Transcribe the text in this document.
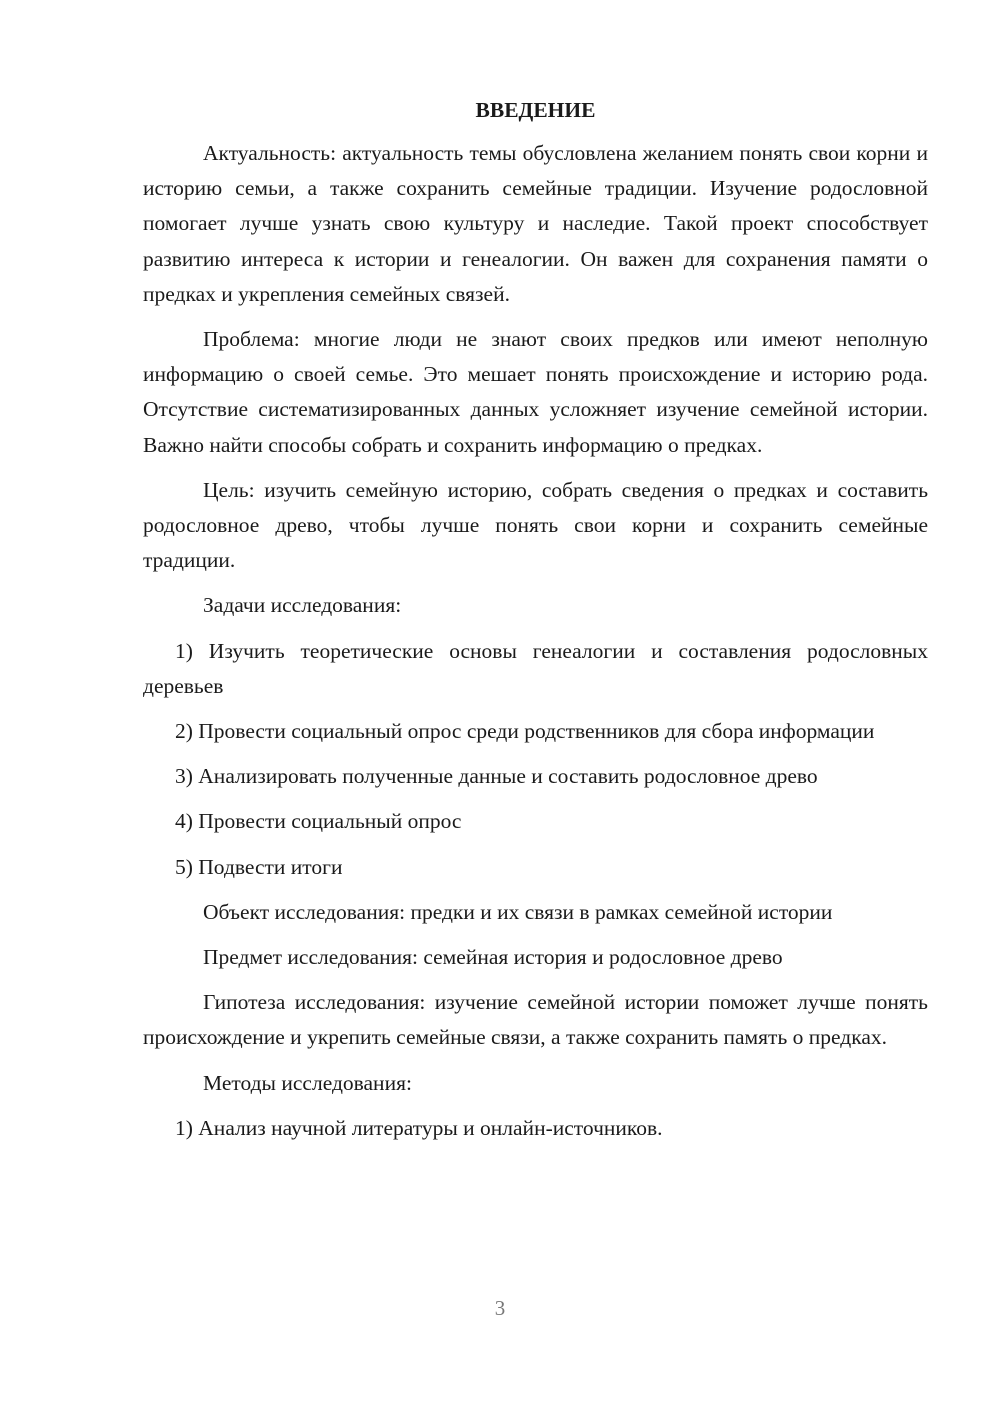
ВВЕДЕНИЕ

Актуальность: актуальность темы обусловлена желанием понять свои корни и историю семьи, а также сохранить семейные традиции. Изучение родословной помогает лучше узнать свою культуру и наследие. Такой проект способствует развитию интереса к истории и генеалогии. Он важен для сохранения памяти о предках и укрепления семейных связей.

Проблема: многие люди не знают своих предков или имеют неполную информацию о своей семье. Это мешает понять происхождение и историю рода. Отсутствие систематизированных данных усложняет изучение семейной истории. Важно найти способы собрать и сохранить информацию о предках.

Цель: изучить семейную историю, собрать сведения о предках и составить родословное древо, чтобы лучше понять свои корни и сохранить семейные традиции.

Задачи исследования:

1) Изучить теоретические основы генеалогии и составления родословных деревьев

2) Провести социальный опрос среди родственников для сбора информации

3) Анализировать полученные данные и составить родословное древо
4) Провести социальный опрос
5) Подвести итоги
Объект исследования: предки и их связи в рамках семейной истории
Предмет исследования: семейная история и родословное древо

Гипотеза исследования: изучение семейной истории поможет лучше понять происхождение и укрепить семейные связи, а также сохранить память о предках.

Методы исследования:
1) Анализ научной литературы и онлайн-источников.
3
